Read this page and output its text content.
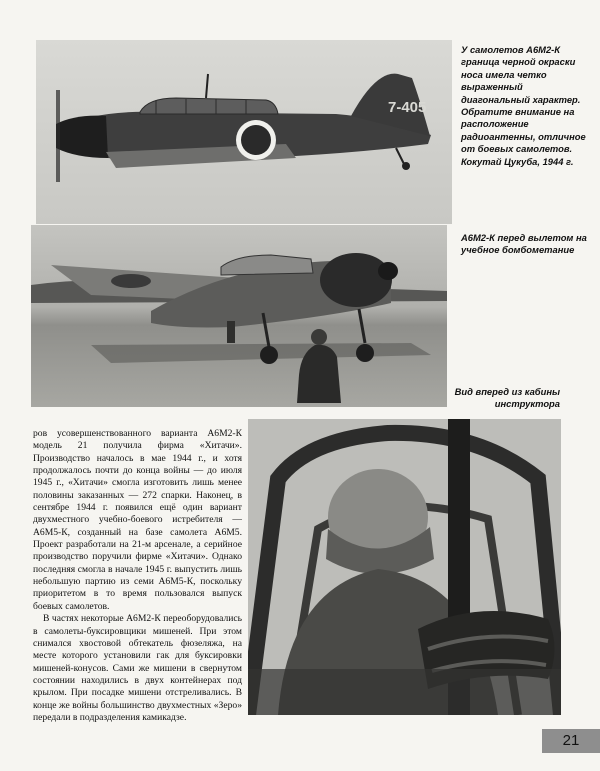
7-405
У самолетов А6М2-К граница черной окраски носа имела четко выраженный диагональный характер. Обратите внимание на расположение радиоантенны, отличное от боевых самолетов. Кокутай Цукуба, 1944 г.
А6М2-К перед вылетом на учебное бомбометание
Вид вперед из кабины инструктора

ров усовершенствованного варианта А6М2-К модель 21 получила фирма «Хитачи». Производство началось в мае 1944 г., и хотя продолжалось почти до конца войны — до июля 1945 г., «Хитачи» смогла изготовить лишь менее половины заказанных — 272 спарки. Наконец, в сентябре 1944 г. появился ещё один вариант двухместного учебно-боевого истребителя — А6М5-К, созданный на базе самолета А6М5. Проект разработали на 21-м арсенале, а серийное производство поручили фирме «Хитачи». Однако последняя смогла в начале 1945 г. выпустить лишь небольшую партию из семи А6М5-К, поскольку приоритетом в то время пользовался выпуск боевых самолетов.

В частях некоторые А6М2-К переоборудовались в самолеты-буксировщики мишеней. При этом снимался хвостовой обтекатель фюзеляжа, на месте которого установили гак для буксировки мишеней-конусов. Сами же мишени в свернутом состоянии находились в двух контейнерах под крылом. При посадке мишени отстреливались. В конце же войны большинство двухместных «Зеро» передали в подразделения камикадзе.

21
